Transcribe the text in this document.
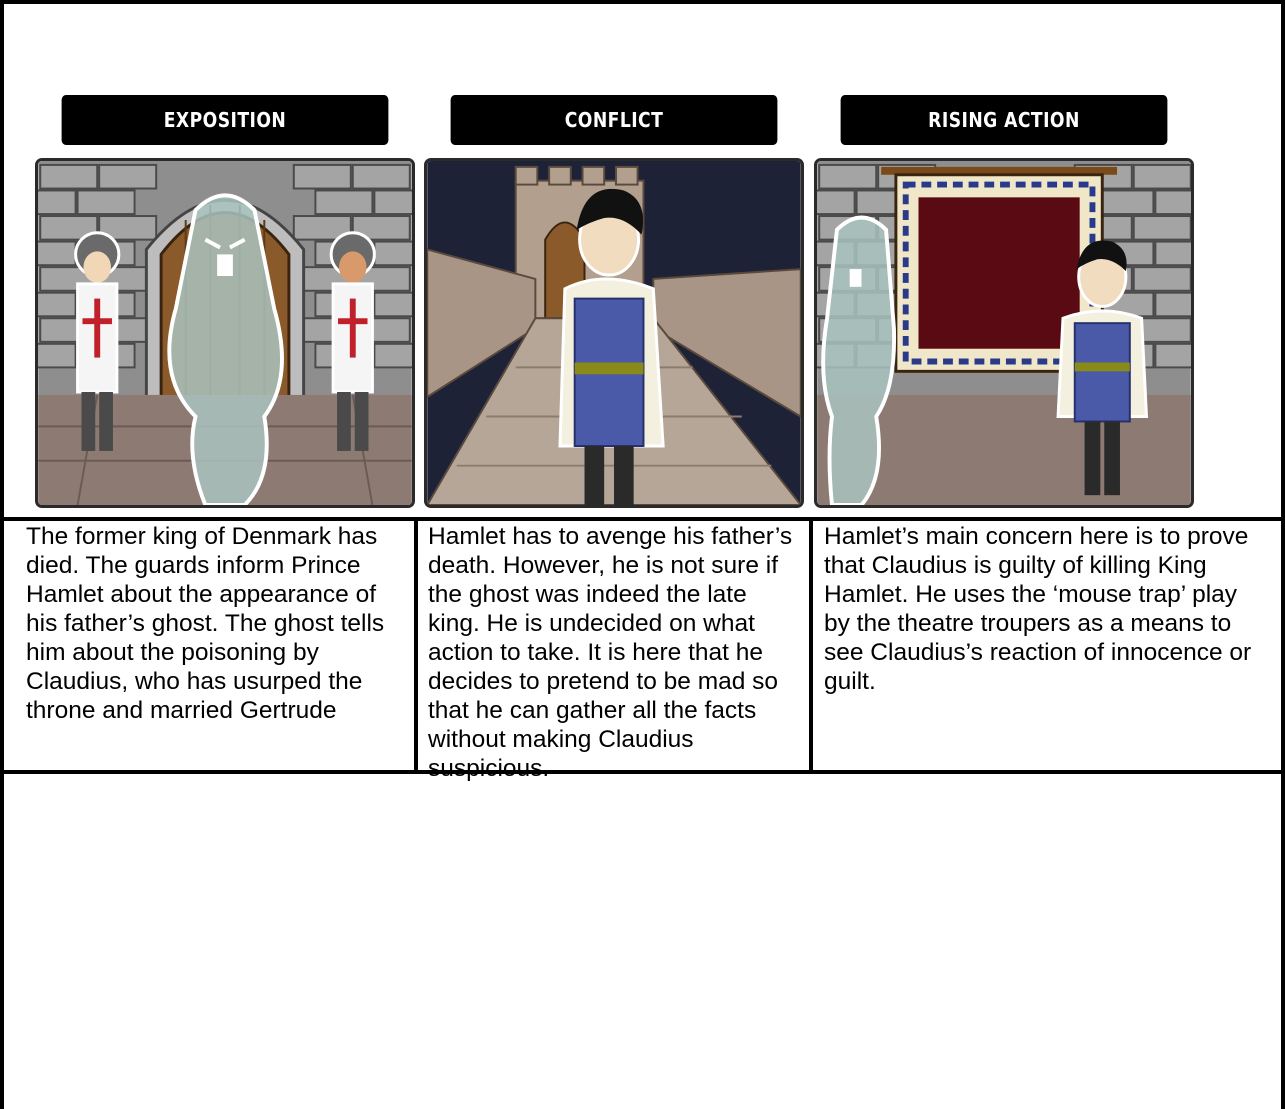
EXPOSITION	CONFLICT	RISING ACTION
The former king of Denmark has died. The guards inform Prince Hamlet about the appearance of his father’s ghost. The ghost tells him about the poisoning by Claudius, who has usurped the throne and married Gertrude
Hamlet has to avenge his father’s death. However, he is not sure if the ghost was indeed the late king. He is undecided on what action to take. It is here that he decides to pretend to be mad so that he can gather all the facts without making Claudius suspicious.
Hamlet’s main concern here is to prove that Claudius is guilty of killing King Hamlet. He uses the ‘mouse trap’ play by the theatre troupers as a means to see Claudius’s reaction of innocence or guilt.
